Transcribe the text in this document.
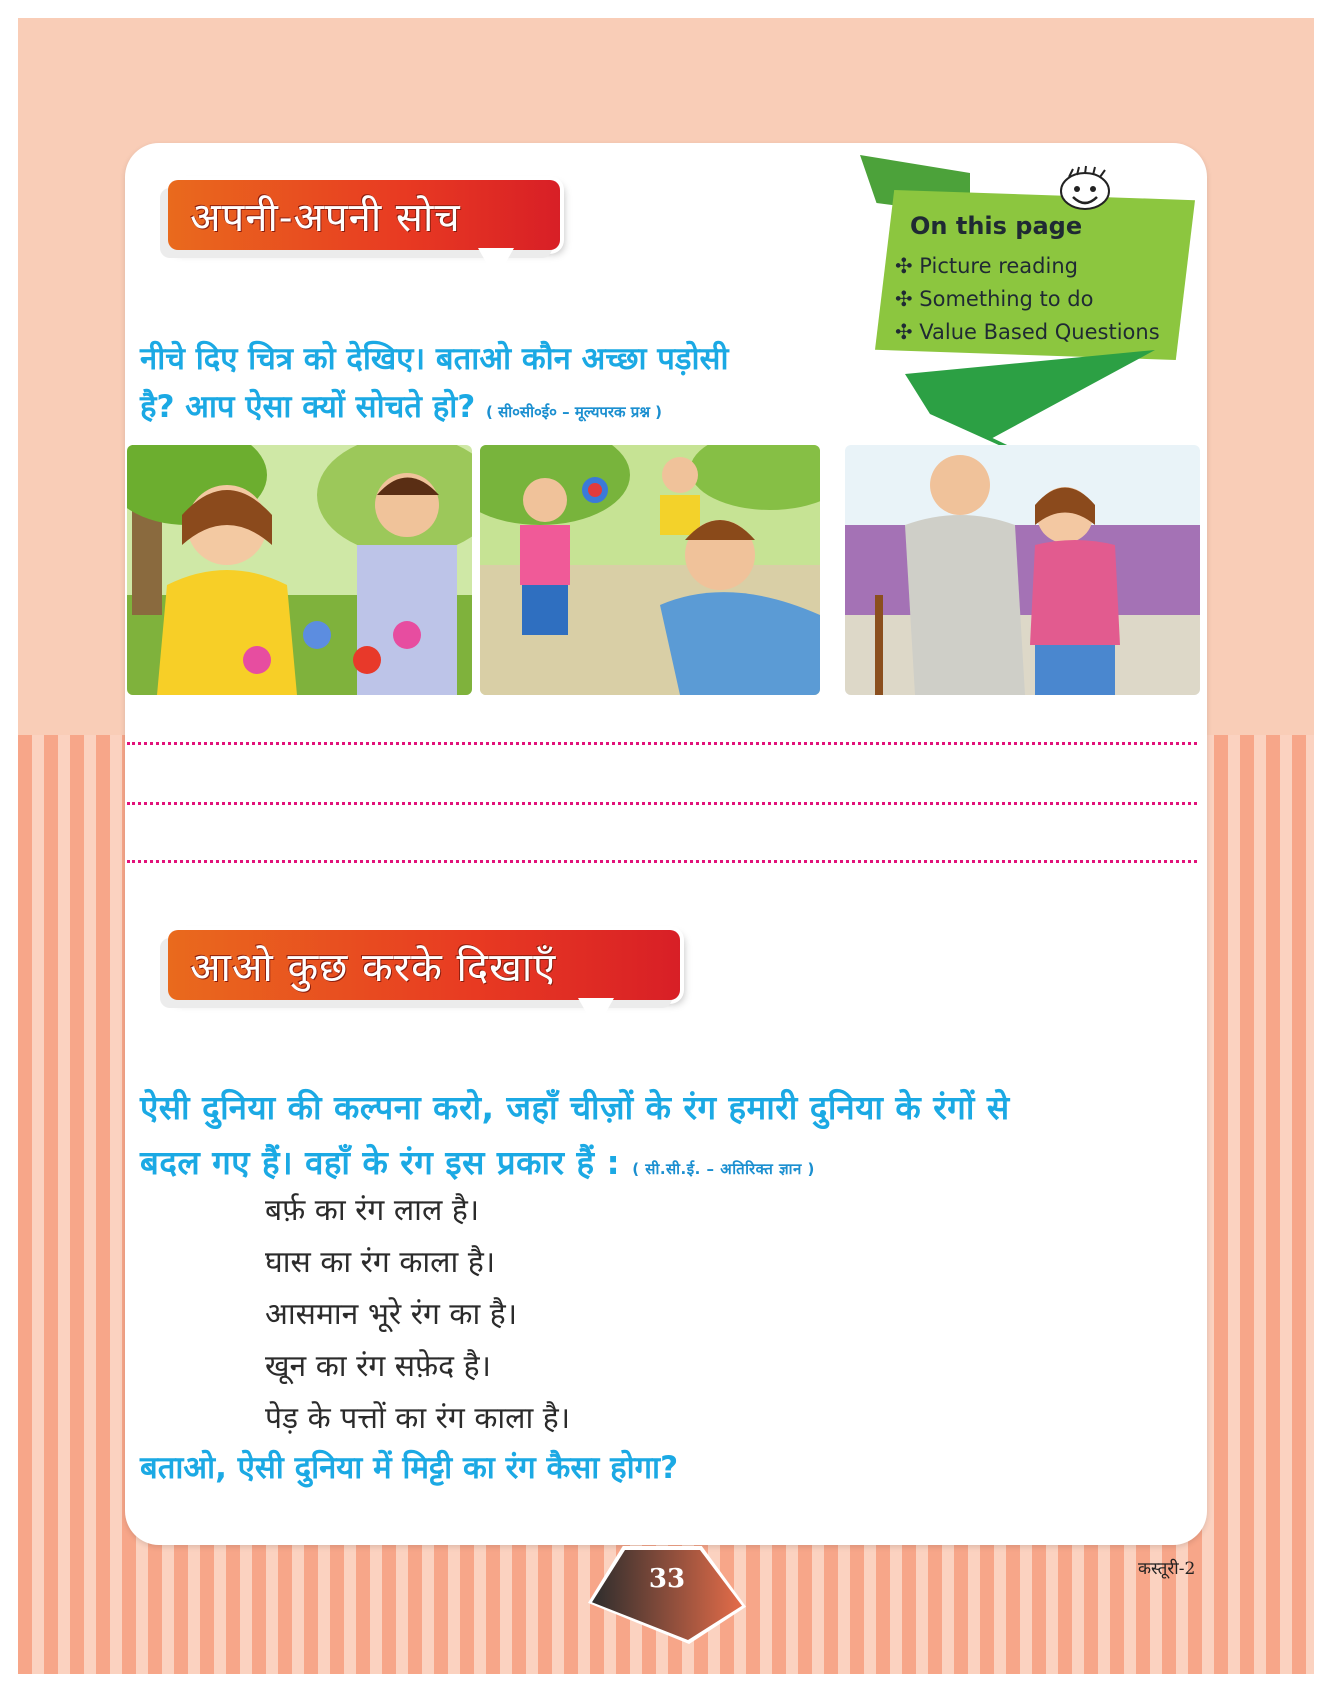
अपनी-अपनी सोच	On this page
✣ Picture reading
✣ Something to do
✣ Value Based Questions
नीचे दिए चित्र को देखिए। बताओ कौन अच्छा पड़ोसी
है? आप ऐसा क्यों सोचते हो? ( सी०सी०ई० – मूल्यपरक प्रश्न )
आओ कुछ करके दिखाएँ
ऐसी दुनिया की कल्पना करो, जहाँ चीज़ों के रंग हमारी दुनिया के रंगों से
बदल गए हैं। वहाँ के रंग इस प्रकार हैं : ( सी.सी.ई. – अतिरिक्त ज्ञान )
बर्फ़ का रंग लाल है।
घास का रंग काला है।
आसमान भूरे रंग का है।
खून का रंग सफ़ेद है।
पेड़ के पत्तों का रंग काला है।
बताओ, ऐसी दुनिया में मिट्टी का रंग कैसा होगा?
33	कस्तूरी-2
